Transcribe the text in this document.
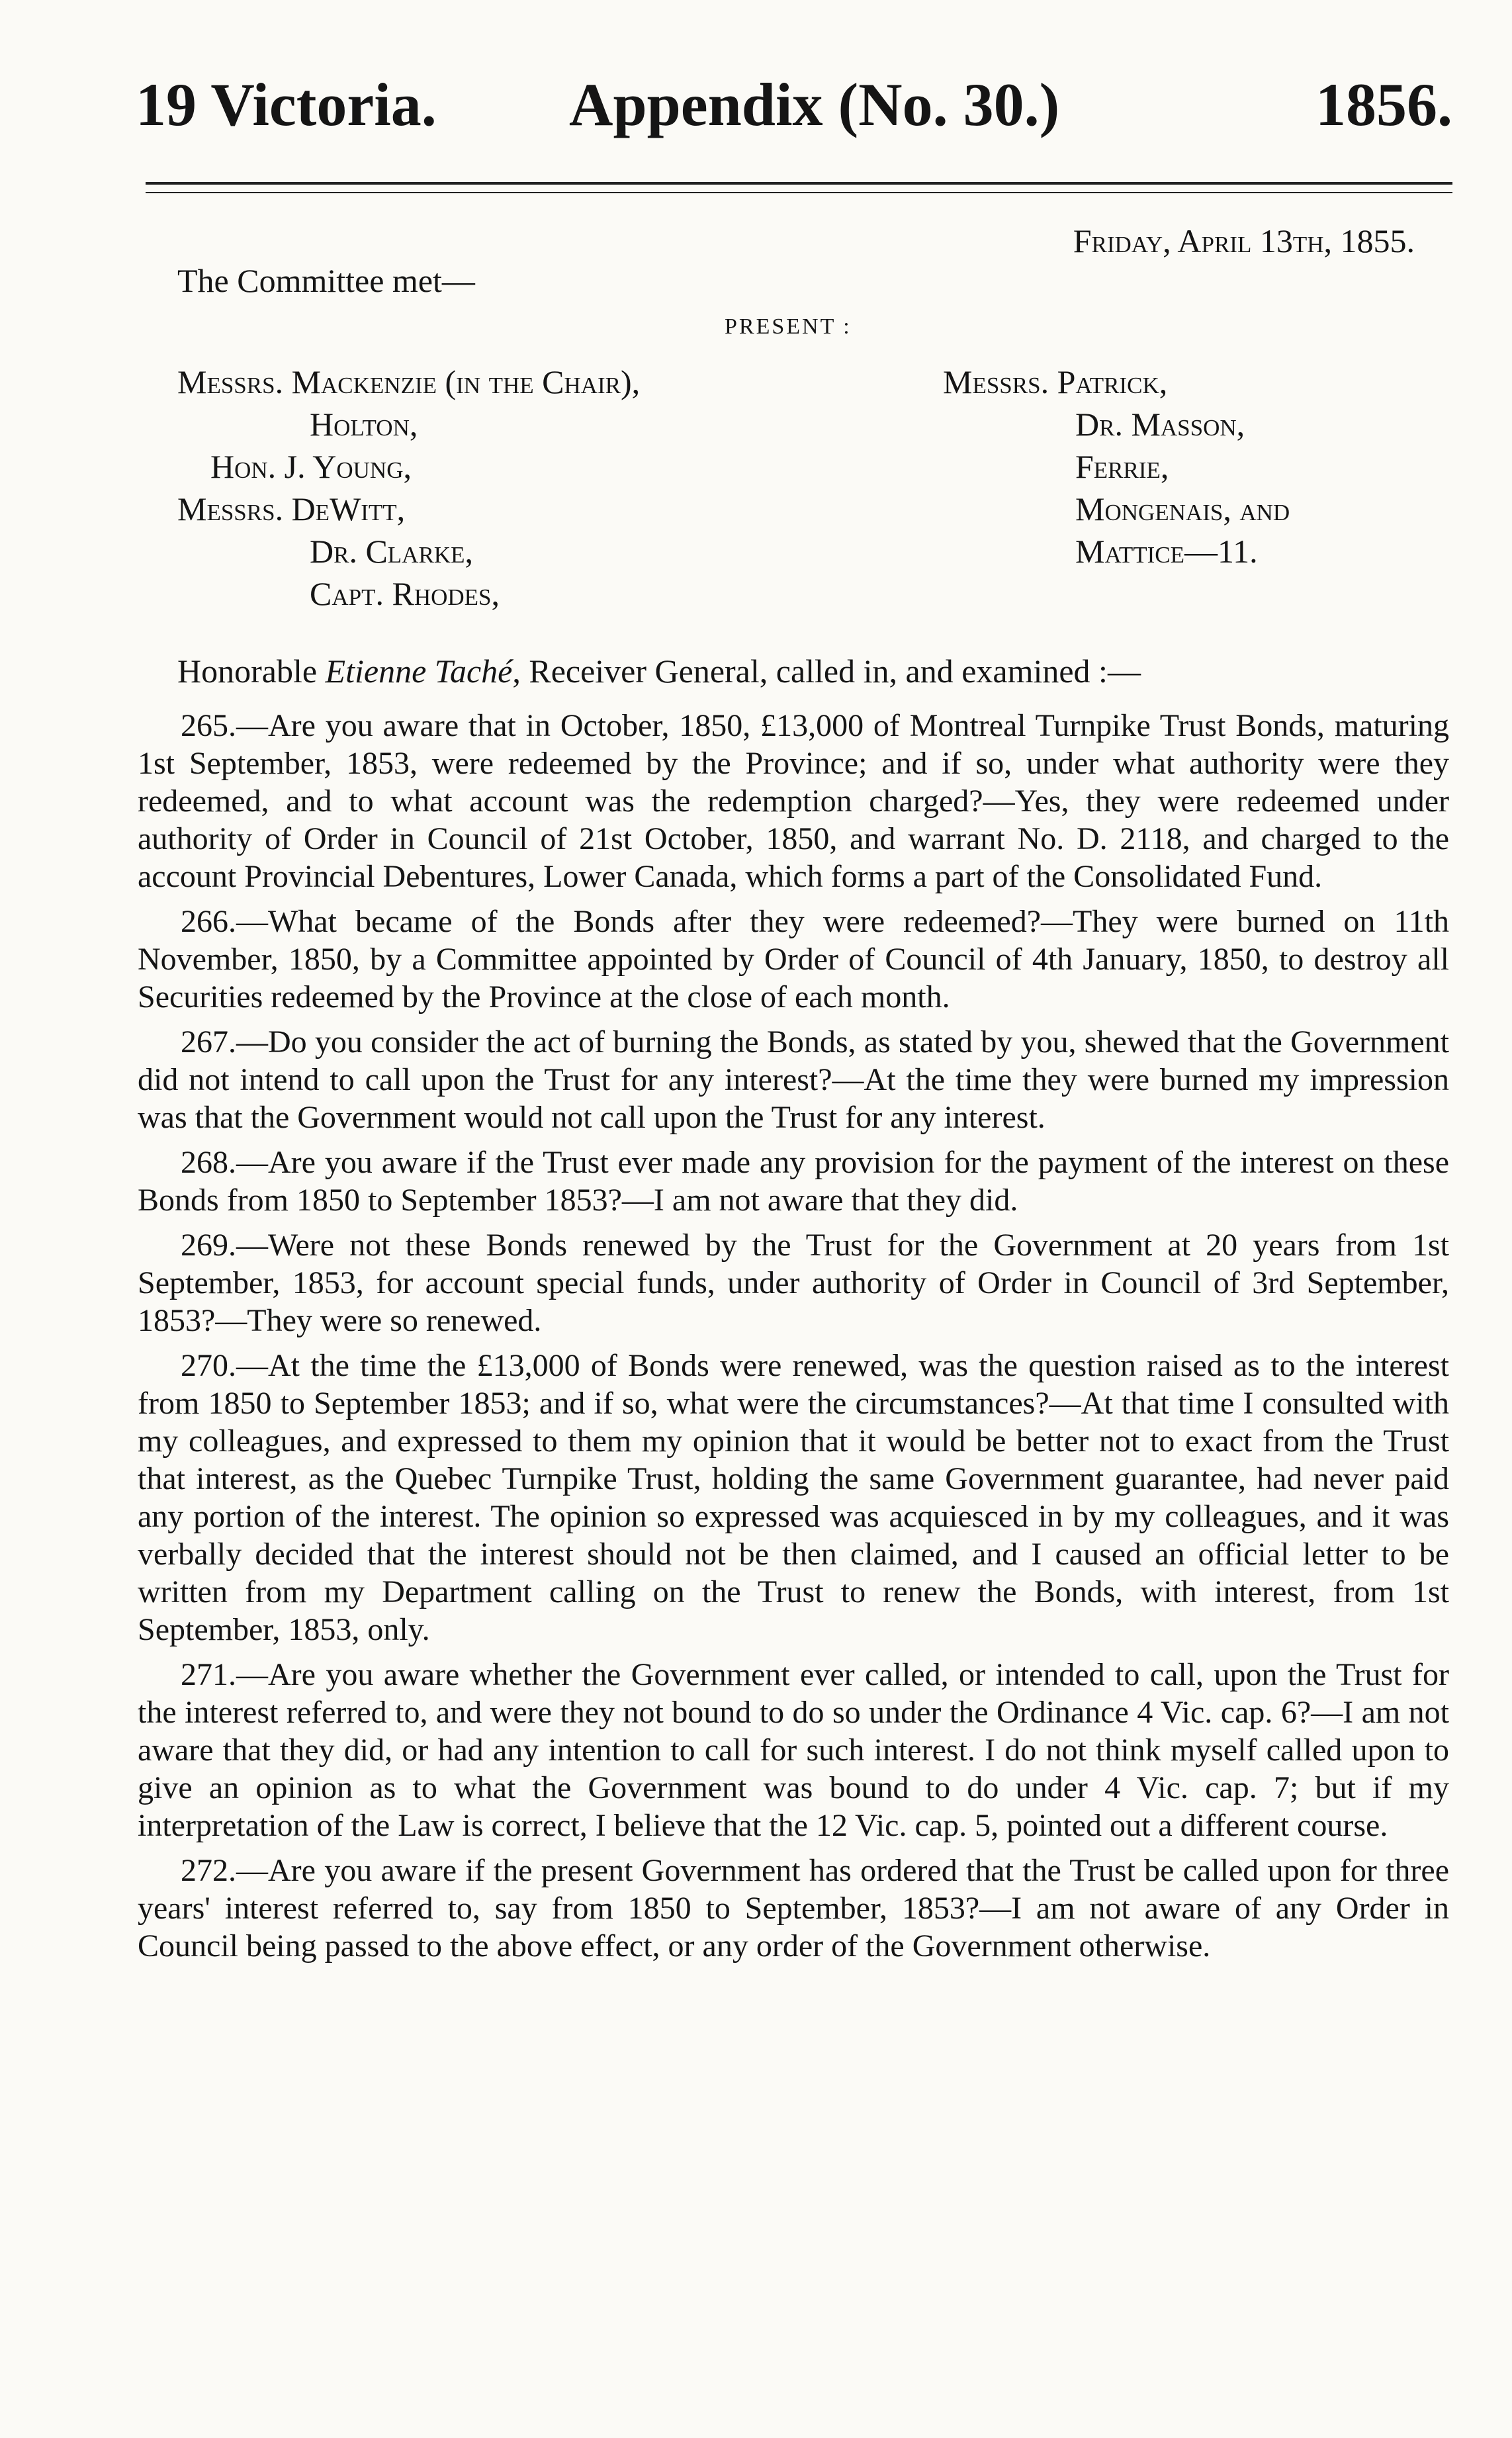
19 Victoria. Appendix (No. 30.)	1856.
Friday, April 13th, 1855.
The Committee met—
PRESENT :
Messrs. Mackenzie (in the Chair),
Holton,
Hon. J. Young,
Messrs. DeWitt,
Dr. Clarke,
Capt. Rhodes,
Messrs. Patrick,
Dr. Masson,
Ferrie,
Mongenais, and
Mattice—11.
Honorable Etienne Taché, Receiver General, called in, and examined :—

265.—Are you aware that in October, 1850, £13,000 of Montreal Turnpike Trust Bonds, maturing 1st September, 1853, were redeemed by the Province; and if so, under what authority were they redeemed, and to what account was the redemption charged?—Yes, they were redeemed under authority of Order in Council of 21st October, 1850, and warrant No. D. 2118, and charged to the account Provincial Debentures, Lower Canada, which forms a part of the Consolidated Fund.

266.—What became of the Bonds after they were redeemed?—They were burned on 11th November, 1850, by a Committee appointed by Order of Council of 4th January, 1850, to destroy all Securities redeemed by the Province at the close of each month.

267.—Do you consider the act of burning the Bonds, as stated by you, shewed that the Government did not intend to call upon the Trust for any interest?—At the time they were burned my impression was that the Government would not call upon the Trust for any interest.

268.—Are you aware if the Trust ever made any provision for the payment of the interest on these Bonds from 1850 to September 1853?—I am not aware that they did.

269.—Were not these Bonds renewed by the Trust for the Government at 20 years from 1st September, 1853, for account special funds, under authority of Order in Council of 3rd September, 1853?—They were so renewed.

270.—At the time the £13,000 of Bonds were renewed, was the question raised as to the interest from 1850 to September 1853; and if so, what were the circumstances?—At that time I consulted with my colleagues, and expressed to them my opinion that it would be better not to exact from the Trust that interest, as the Quebec Turnpike Trust, holding the same Government guarantee, had never paid any portion of the interest. The opinion so expressed was acquiesced in by my colleagues, and it was verbally decided that the interest should not be then claimed, and I caused an official letter to be written from my Department calling on the Trust to renew the Bonds, with interest, from 1st September, 1853, only.

271.—Are you aware whether the Government ever called, or intended to call, upon the Trust for the interest referred to, and were they not bound to do so under the Ordinance 4 Vic. cap. 6?—I am not aware that they did, or had any intention to call for such interest. I do not think myself called upon to give an opinion as to what the Government was bound to do under 4 Vic. cap. 7; but if my interpretation of the Law is correct, I believe that the 12 Vic. cap. 5, pointed out a different course.

272.—Are you aware if the present Government has ordered that the Trust be called upon for three years' interest referred to, say from 1850 to September, 1853?—I am not aware of any Order in Council being passed to the above effect, or any order of the Government otherwise.
